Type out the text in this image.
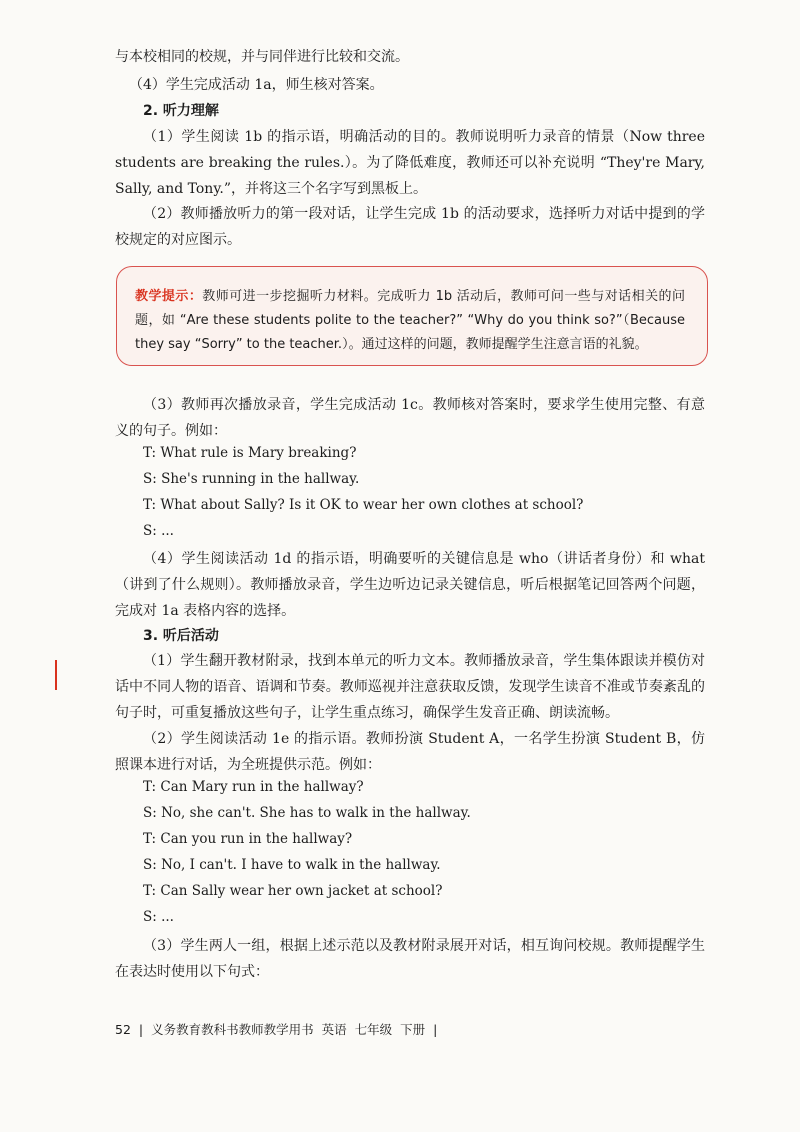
与本校相同的校规，并与同伴进行比较和交流。

（4）学生完成活动 1a，师生核对答案。

2. 听力理解

（1）学生阅读 1b 的指示语，明确活动的目的。教师说明听力录音的情景（Now three students are breaking the rules.）。为了降低难度，教师还可以补充说明 “They're Mary, Sally, and Tony.”，并将这三个名字写到黑板上。

（2）教师播放听力的第一段对话，让学生完成 1b 的活动要求，选择听力对话中提到的学校规定的对应图示。

教学提示：教师可进一步挖掘听力材料。完成听力 1b 活动后，教师可问一些与对话相关的问题，如 “Are these students polite to the teacher?” “Why do you think so?”（Because they say “Sorry” to the teacher.）。通过这样的问题，教师提醒学生注意言语的礼貌。

（3）教师再次播放录音，学生完成活动 1c。教师核对答案时，要求学生使用完整、有意义的句子。例如：

T: What rule is Mary breaking?

S: She's running in the hallway.

T: What about Sally? Is it OK to wear her own clothes at school?

S: ...

（4）学生阅读活动 1d 的指示语，明确要听的关键信息是 who（讲话者身份）和 what（讲到了什么规则）。教师播放录音，学生边听边记录关键信息，听后根据笔记回答两个问题，完成对 1a 表格内容的选择。

3. 听后活动

（1）学生翻开教材附录，找到本单元的听力文本。教师播放录音，学生集体跟读并模仿对话中不同人物的语音、语调和节奏。教师巡视并注意获取反馈，发现学生读音不准或节奏紊乱的句子时，可重复播放这些句子，让学生重点练习，确保学生发音正确、朗读流畅。

（2）学生阅读活动 1e 的指示语。教师扮演 Student A，一名学生扮演 Student B，仿照课本进行对话，为全班提供示范。例如：

T: Can Mary run in the hallway?

S: No, she can't. She has to walk in the hallway.

T: Can you run in the hallway?

S: No, I can't. I have to walk in the hallway.

T: Can Sally wear her own jacket at school?

S: ...

（3）学生两人一组，根据上述示范以及教材附录展开对话，相互询问校规。教师提醒学生在表达时使用以下句式：

52 | 义务教育教科书教师教学用书 英语 七年级 下册 |
